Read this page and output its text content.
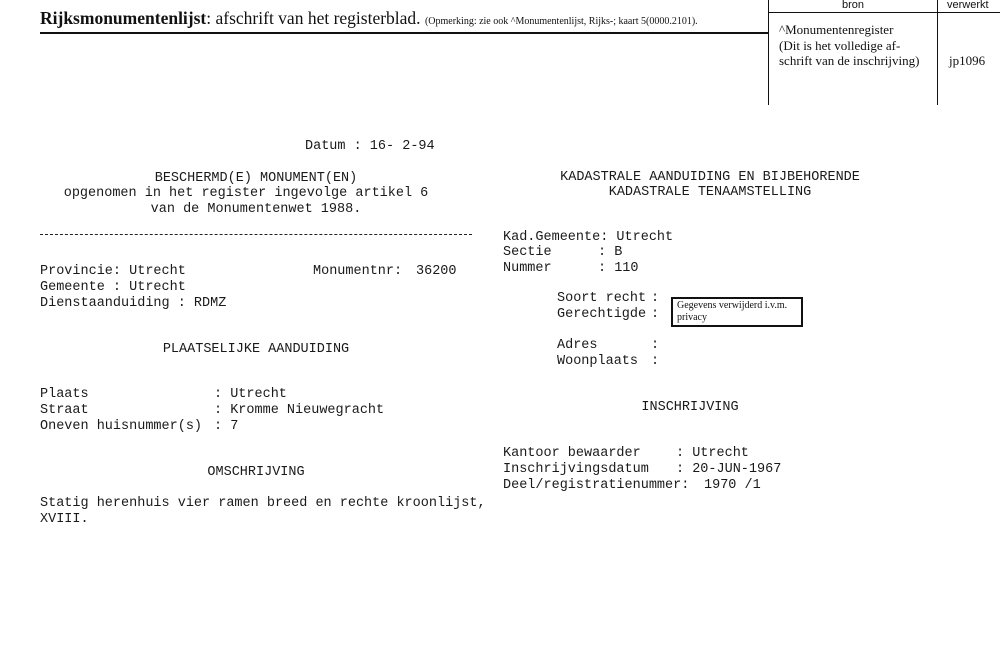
Rijksmonumentenlijst: afschrift van het registerblad. (Opmerking: zie ook ^Monumentenlijst, Rijks-; kaart 5(0000.2101).
bron	verwerkt
^Monumentenregister
(Dit is het volledige af-
schrift van de inschrijving) jp1096
Datum : 16- 2-94
BESCHERMD(E) MONUMENT(EN)
opgenomen in het register ingevolge artikel 6
van de Monumentenwet 1988.
Provincie: Utrecht	Monumentnr: 36200
Gemeente : Utrecht
Dienstaanduiding : RDMZ
PLAATSELIJKE AANDUIDING
Plaats	: Utrecht
Straat	: Kromme Nieuwegracht
Oneven huisnummer(s) : 7
OMSCHRIJVING
Statig herenhuis vier ramen breed en rechte kroonlijst,
XVIII.
KADASTRALE AANDUIDING EN BIJBEHORENDE
KADASTRALE TENAAMSTELLING
Kad.Gemeente: Utrecht
Sectie	: B
Nummer	: 110
Soort recht :
Gerechtigde :
Gegevens verwijderd i.v.m.
privacy
Adres	:
Woonplaats :
INSCHRIJVING
Kantoor bewaarder	: Utrecht
Inschrijvingsdatum : 20-JUN-1967
Deel/registratienummer: 1970 /1
